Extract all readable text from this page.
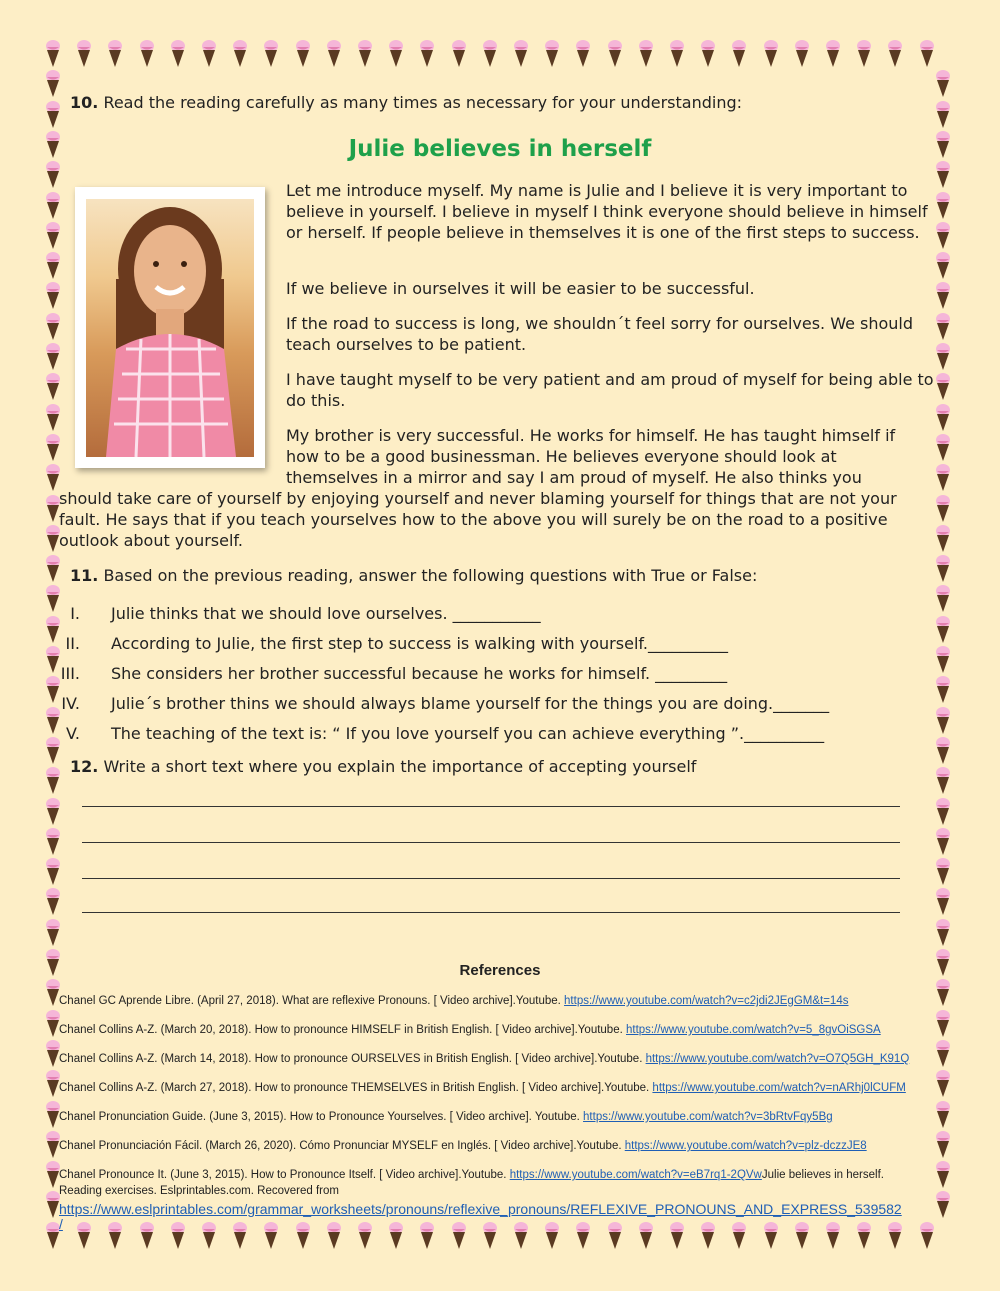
10. Read the reading carefully as many times as necessary for your understanding:
Julie believes in herself
Let me introduce myself. My name is Julie and I believe it is very important to believe in yourself. I believe in myself I think everyone should believe in himself or herself. If people believe in themselves it is one of the first steps to success.
If we believe in ourselves it will be easier to be successful.
If the road to success is long, we shouldn´t feel sorry for ourselves. We should teach ourselves to be patient.
I have taught myself to be very patient and am proud of myself for being able to do this.
My brother is very successful. He works for himself. He has taught himself if how to be a good businessman. He believes everyone should look at themselves in a mirror and say I am proud of myself. He also thinks you
should take care of yourself by enjoying yourself and never blaming yourself for things that are not your fault. He says that if you teach yourselves how to the above you will surely be on the road to a positive outlook about yourself.
11. Based on the previous reading, answer the following questions with True or False:
I. Julie thinks that we should love ourselves. ___________
II. According to Julie, the first step to success is walking with yourself.__________
III. She considers her brother successful because he works for himself. _________
IV. Julie´s brother thins we should always blame yourself for the things you are doing._______
V. The teaching of the text is: “ If you love yourself you can achieve everything ”.__________
12. Write a short text where you explain the importance of accepting yourself
References
Chanel GC Aprende Libre. (April 27, 2018). What are reflexive Pronouns. [ Video archive].Youtube. https://www.youtube.com/watch?v=c2jdi2JEgGM&t=14s
Chanel Collins A-Z. (March 20, 2018). How to pronounce HIMSELF in British English. [ Video archive].Youtube. https://www.youtube.com/watch?v=5_8gvOiSGSA
Chanel Collins A-Z. (March 14, 2018). How to pronounce OURSELVES in British English. [ Video archive].Youtube. https://www.youtube.com/watch?v=O7Q5GH_K91Q
Chanel Collins A-Z. (March 27, 2018). How to pronounce THEMSELVES in British English. [ Video archive].Youtube. https://www.youtube.com/watch?v=nARhj0lCUFM
Chanel Pronunciation Guide. (June 3, 2015). How to Pronounce Yourselves. [ Video archive]. Youtube. https://www.youtube.com/watch?v=3bRtvFqy5Bg
Chanel Pronunciación Fácil. (March 26, 2020). Cómo Pronunciar MYSELF en Inglés. [ Video archive].Youtube. https://www.youtube.com/watch?v=plz-dczzJE8
Chanel Pronounce It. (June 3, 2015). How to Pronounce Itself. [ Video archive].Youtube. https://www.youtube.com/watch?v=eB7rq1-2QVwJulie believes in herself.
Reading exercises. Eslprintables.com. Recovered from
https://www.eslprintables.com/grammar_worksheets/pronouns/reflexive_pronouns/REFLEXIVE_PRONOUNS_AND_EXPRESS_539582
/
